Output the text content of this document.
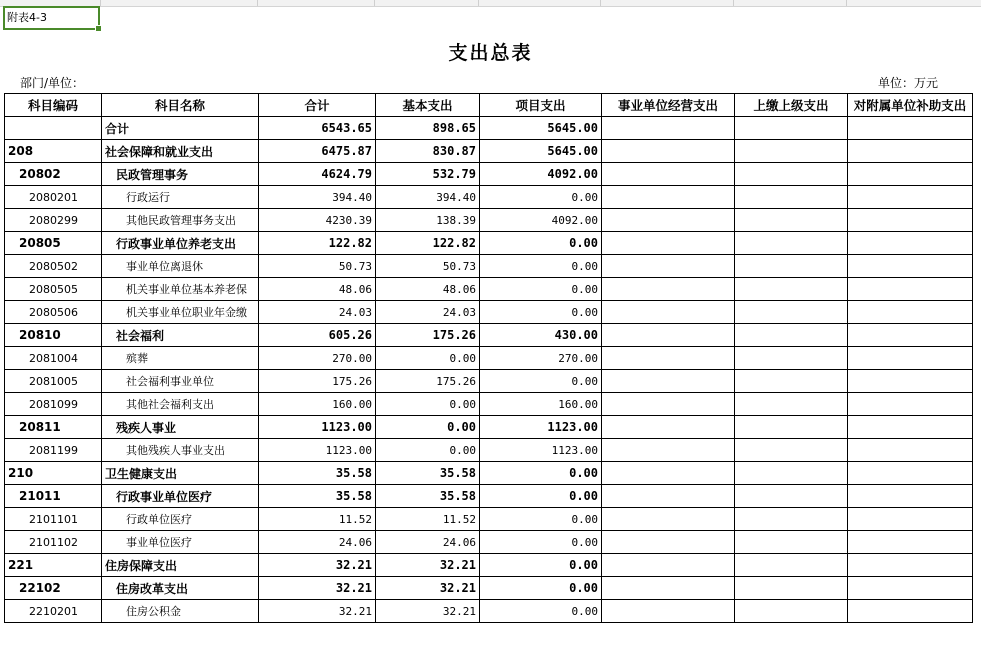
附表4-3
支出总表
部门/单位：	单位：万元
科目编码	科目名称	合计	基本支出	项目支出	事业单位经营支出	上缴上级支出	对附属单位补助支出
	合计	6543.65	898.65	5645.00			
208	社会保障和就业支出	6475.87	830.87	5645.00			
20802	民政管理事务	4624.79	532.79	4092.00			
2080201	行政运行	394.40	394.40	0.00			
2080299	其他民政管理事务支出	4230.39	138.39	4092.00			
20805	行政事业单位养老支出	122.82	122.82	0.00			
2080502	事业单位离退休	50.73	50.73	0.00			
2080505	机关事业单位基本养老保	48.06	48.06	0.00			
2080506	机关事业单位职业年金缴	24.03	24.03	0.00			
20810	社会福利	605.26	175.26	430.00			
2081004	殡葬	270.00	0.00	270.00			
2081005	社会福利事业单位	175.26	175.26	0.00			
2081099	其他社会福利支出	160.00	0.00	160.00			
20811	残疾人事业	1123.00	0.00	1123.00			
2081199	其他残疾人事业支出	1123.00	0.00	1123.00			
210	卫生健康支出	35.58	35.58	0.00			
21011	行政事业单位医疗	35.58	35.58	0.00			
2101101	行政单位医疗	11.52	11.52	0.00			
2101102	事业单位医疗	24.06	24.06	0.00			
221	住房保障支出	32.21	32.21	0.00			
22102	住房改革支出	32.21	32.21	0.00			
2210201	住房公积金	32.21	32.21	0.00			
